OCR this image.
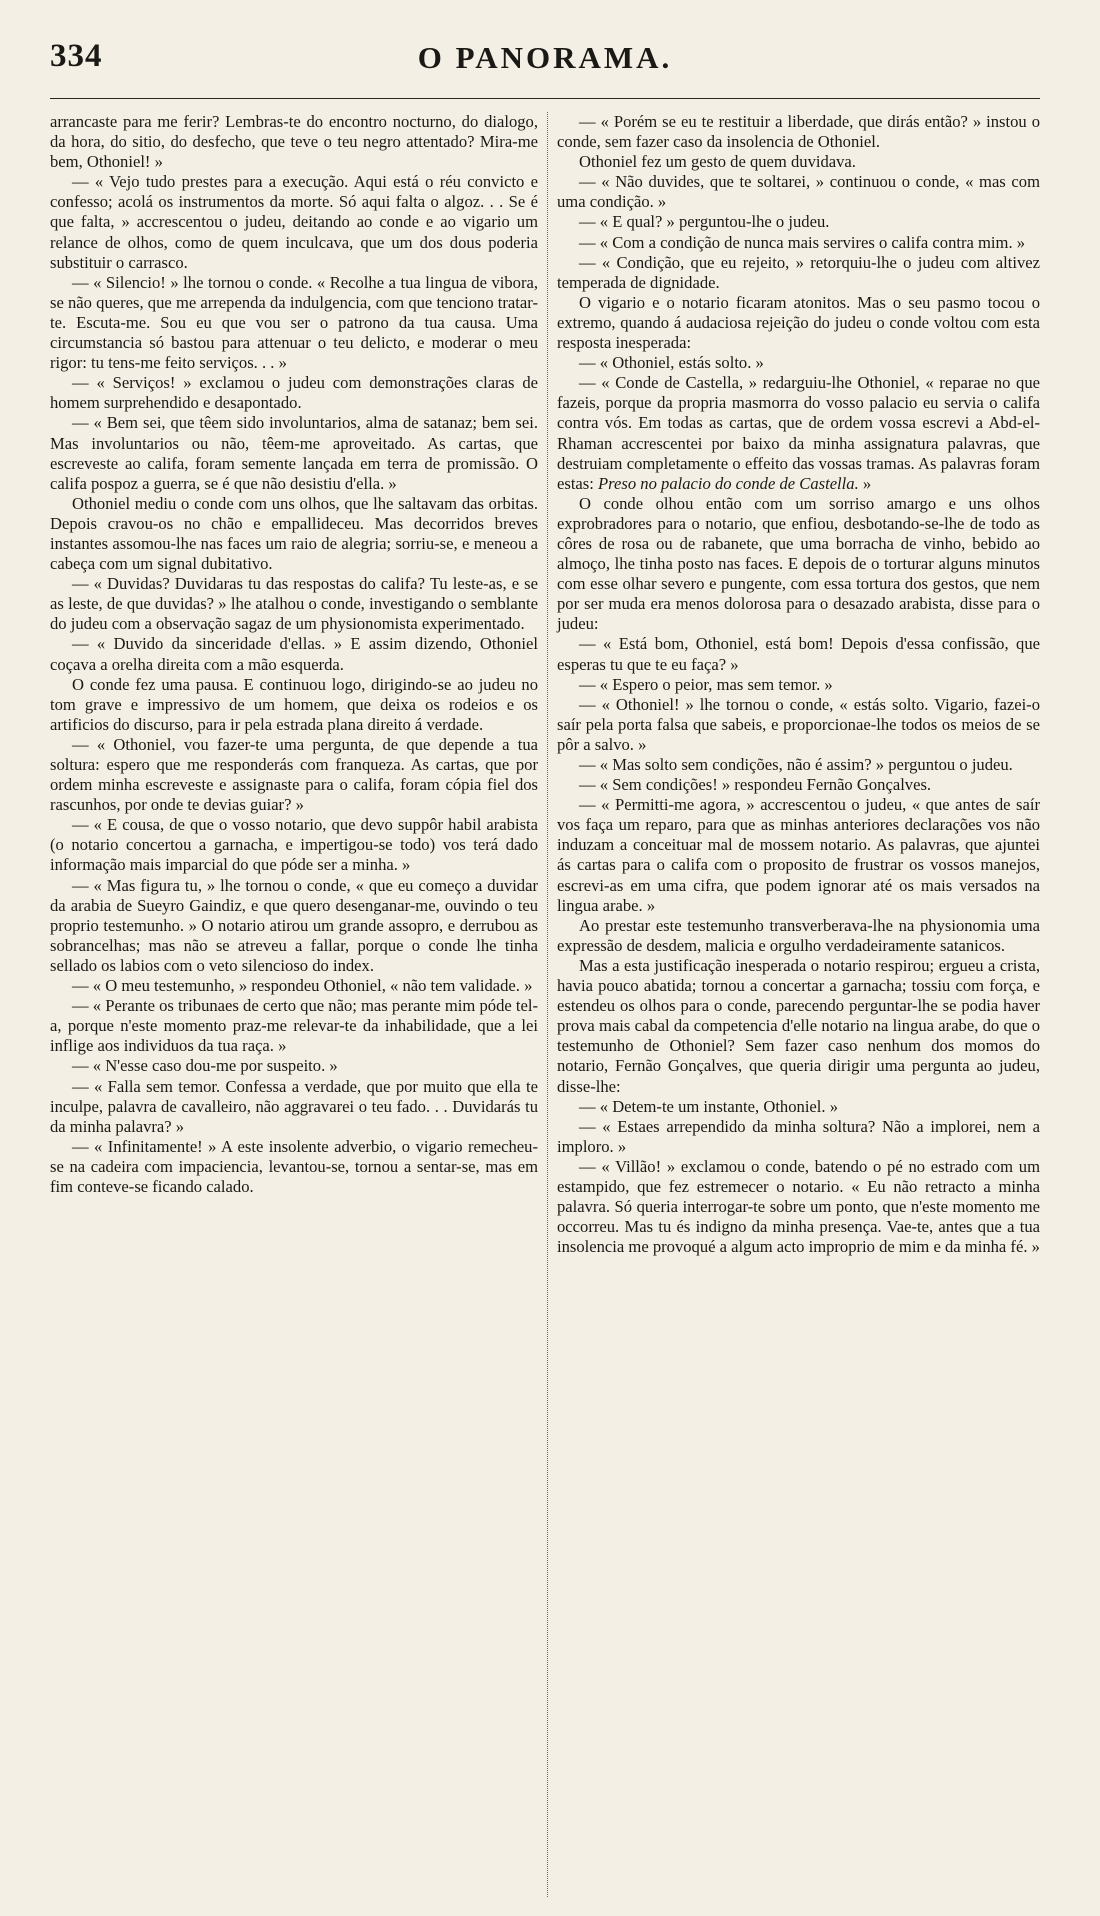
334	O PANORAMA.

arrancaste para me ferir? Lembras-te do encontro nocturno, do dialogo, da hora, do sitio, do desfecho, que teve o teu negro attentado? Mira-me bem, Othoniel! »

— « Vejo tudo prestes para a execução. Aqui está o réu convicto e confesso; acolá os instrumentos da morte. Só aqui falta o algoz. . . Se é que falta, » accrescentou o judeu, deitando ao conde e ao vigario um relance de olhos, como de quem inculcava, que um dos dous poderia substituir o carrasco.

— « Silencio! » lhe tornou o conde. « Recolhe a tua lingua de vibora, se não queres, que me arrependa da indulgencia, com que tenciono tratar-te. Escuta-me. Sou eu que vou ser o patrono da tua causa. Uma circumstancia só bastou para attenuar o teu delicto, e moderar o meu rigor: tu tens-me feito serviços. . . »

— « Serviços! » exclamou o judeu com demonstrações claras de homem surprehendido e desapontado.

— « Bem sei, que têem sido involuntarios, alma de satanaz; bem sei. Mas involuntarios ou não, têem-me aproveitado. As cartas, que escreveste ao califa, foram semente lançada em terra de promissão. O califa pospoz a guerra, se é que não desistiu d'ella. »

Othoniel mediu o conde com uns olhos, que lhe saltavam das orbitas. Depois cravou-os no chão e empallideceu. Mas decorridos breves instantes assomou-lhe nas faces um raio de alegria; sorriu-se, e meneou a cabeça com um signal dubitativo.

— « Duvidas? Duvidaras tu das respostas do califa? Tu leste-as, e se as leste, de que duvidas? » lhe atalhou o conde, investigando o semblante do judeu com a observação sagaz de um physionomista experimentado.

— « Duvido da sinceridade d'ellas. » E assim dizendo, Othoniel coçava a orelha direita com a mão esquerda.

O conde fez uma pausa. E continuou logo, dirigindo-se ao judeu no tom grave e impressivo de um homem, que deixa os rodeios e os artificios do discurso, para ir pela estrada plana direito á verdade.

— « Othoniel, vou fazer-te uma pergunta, de que depende a tua soltura: espero que me responderás com franqueza. As cartas, que por ordem minha escreveste e assignaste para o califa, foram cópia fiel dos rascunhos, por onde te devias guiar? »

— « E cousa, de que o vosso notario, que devo suppôr habil arabista (o notario concertou a garnacha, e impertigou-se todo) vos terá dado informação mais imparcial do que póde ser a minha. »

— « Mas figura tu, » lhe tornou o conde, « que eu começo a duvidar da arabia de Sueyro Gaindiz, e que quero desenganar-me, ouvindo o teu proprio testemunho. » O notario atirou um grande assopro, e derrubou as sobrancelhas; mas não se atreveu a fallar, porque o conde lhe tinha sellado os labios com o veto silencioso do index.

— « O meu testemunho, » respondeu Othoniel, « não tem validade. »

— « Perante os tribunaes de certo que não; mas perante mim póde tel-a, porque n'este momento praz-me relevar-te da inhabilidade, que a lei inflige aos individuos da tua raça. »

— « N'esse caso dou-me por suspeito. »

— « Falla sem temor. Confessa a verdade, que por muito que ella te inculpe, palavra de cavalleiro, não aggravarei o teu fado. . . Duvidarás tu da minha palavra? »

— « Infinitamente! » A este insolente adverbio, o vigario remecheu-se na cadeira com impaciencia, levantou-se, tornou a sentar-se, mas em fim conteve-se ficando calado.

— « Porém se eu te restituir a liberdade, que dirás então? » instou o conde, sem fazer caso da insolencia de Othoniel.

Othoniel fez um gesto de quem duvidava.

— « Não duvides, que te soltarei, » continuou o conde, « mas com uma condição. »

— « E qual? » perguntou-lhe o judeu.

— « Com a condição de nunca mais servires o califa contra mim. »

— « Condição, que eu rejeito, » retorquiu-lhe o judeu com altivez temperada de dignidade.

O vigario e o notario ficaram atonitos. Mas o seu pasmo tocou o extremo, quando á audaciosa rejeição do judeu o conde voltou com esta resposta inesperada:

— « Othoniel, estás solto. »

— « Conde de Castella, » redarguiu-lhe Othoniel, « reparae no que fazeis, porque da propria masmorra do vosso palacio eu servia o califa contra vós. Em todas as cartas, que de ordem vossa escrevi a Abd-el-Rhaman accrescentei por baixo da minha assignatura palavras, que destruiam completamente o effeito das vossas tramas. As palavras foram estas: Preso no palacio do conde de Castella. »

O conde olhou então com um sorriso amargo e uns olhos exprobradores para o notario, que enfiou, desbotando-se-lhe de todo as côres de rosa ou de rabanete, que uma borracha de vinho, bebido ao almoço, lhe tinha posto nas faces. E depois de o torturar alguns minutos com esse olhar severo e pungente, com essa tortura dos gestos, que nem por ser muda era menos dolorosa para o desazado arabista, disse para o judeu:

— « Está bom, Othoniel, está bom! Depois d'essa confissão, que esperas tu que te eu faça? »

— « Espero o peior, mas sem temor. »

— « Othoniel! » lhe tornou o conde, « estás solto. Vigario, fazei-o saír pela porta falsa que sabeis, e proporcionae-lhe todos os meios de se pôr a salvo. »

— « Mas solto sem condições, não é assim? » perguntou o judeu.

— « Sem condições! » respondeu Fernão Gonçalves.

— « Permitti-me agora, » accrescentou o judeu, « que antes de saír vos faça um reparo, para que as minhas anteriores declarações vos não induzam a conceituar mal de mossem notario. As palavras, que ajuntei ás cartas para o califa com o proposito de frustrar os vossos manejos, escrevi-as em uma cifra, que podem ignorar até os mais versados na lingua arabe. »

Ao prestar este testemunho transverberava-lhe na physionomia uma expressão de desdem, malicia e orgulho verdadeiramente satanicos.

Mas a esta justificação inesperada o notario respirou; ergueu a crista, havia pouco abatida; tornou a concertar a garnacha; tossiu com força, e estendeu os olhos para o conde, parecendo perguntar-lhe se podia haver prova mais cabal da competencia d'elle notario na lingua arabe, do que o testemunho de Othoniel? Sem fazer caso nenhum dos momos do notario, Fernão Gonçalves, que queria dirigir uma pergunta ao judeu, disse-lhe:

— « Detem-te um instante, Othoniel. »

— « Estaes arrependido da minha soltura? Não a implorei, nem a imploro. »

— « Villão! » exclamou o conde, batendo o pé no estrado com um estampido, que fez estremecer o notario. « Eu não retracto a minha palavra. Só queria interrogar-te sobre um ponto, que n'este momento me occorreu. Mas tu és indigno da minha presença. Vae-te, antes que a tua insolencia me provoqué a algum acto improprio de mim e da minha fé. »
